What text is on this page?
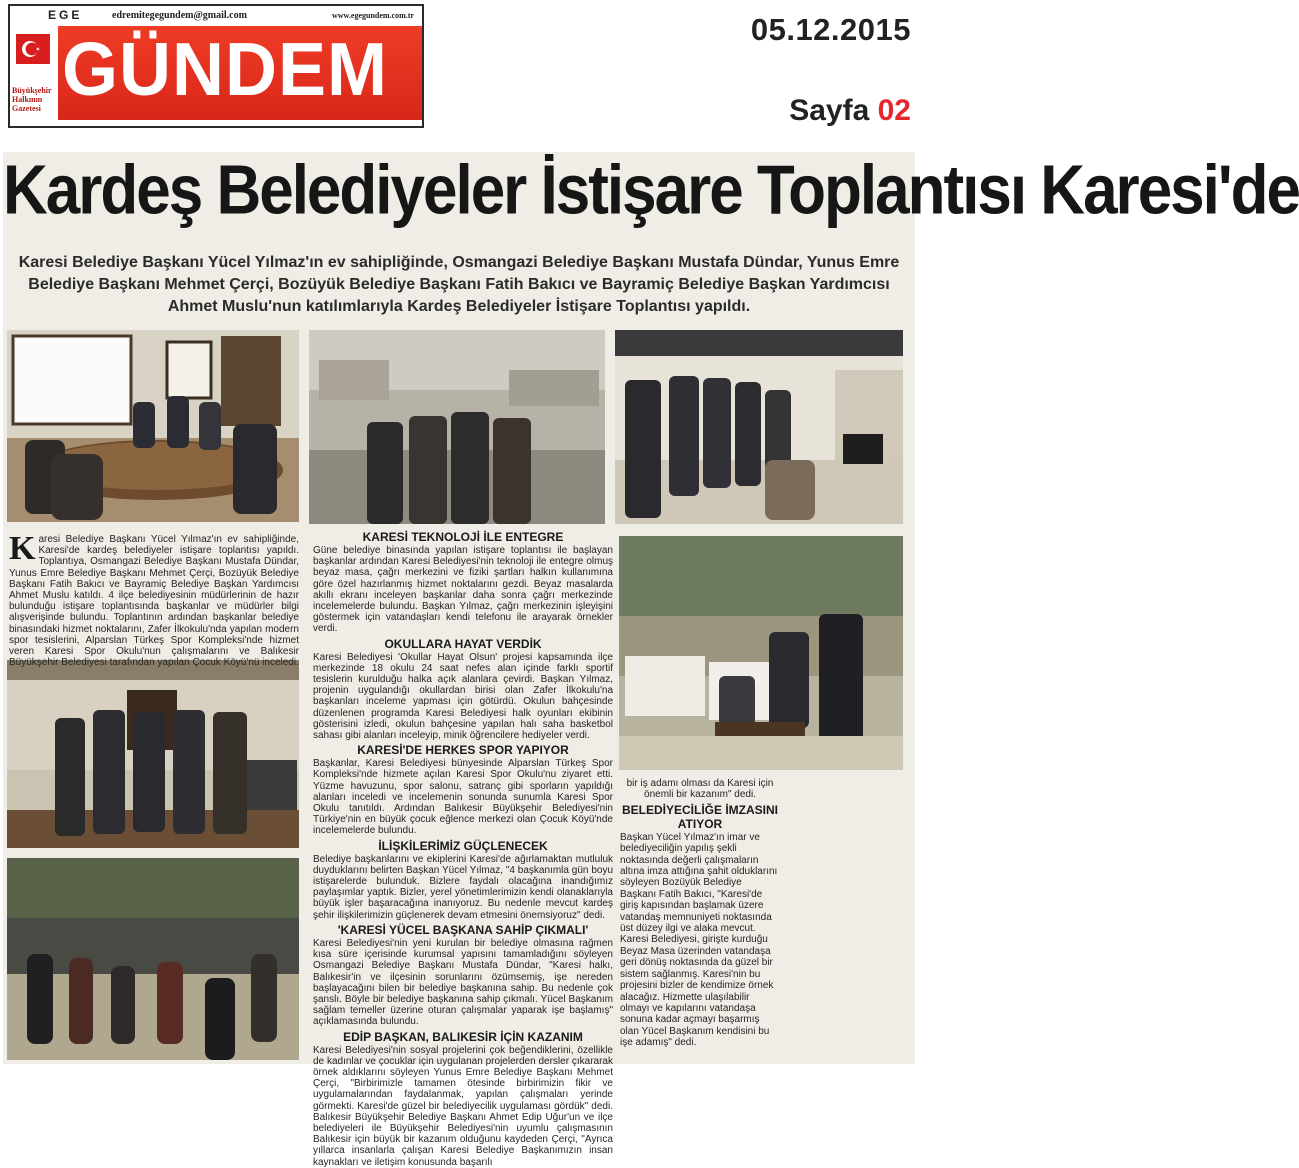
EGE	edremitegegundem@gmail.com	www.egegundem.com.tr
GÜNDEM
Büyükşehir Halkının Gazetesi
05.12.2015
Sayfa 02
Kardeş Belediyeler İstişare Toplantısı Karesi'de
Karesi Belediye Başkanı Yücel Yılmaz'ın ev sahipliğinde, Osmangazi Belediye Başkanı Mustafa Dündar, Yunus Emre Belediye Başkanı Mehmet Çerçi, Bozüyük Belediye Başkanı Fatih Bakıcı ve Bayramiç Belediye Başkan Yardımcısı Ahmet Muslu'nun katılımlarıyla Kardeş Belediyeler İstişare Toplantısı yapıldı.
K aresi Belediye Başkanı Yücel Yılmaz'ın ev sahipliğinde, Karesi'de kardeş belediyeler istişare toplantısı yapıldı. Toplantıya, Osmangazi Belediye Başkanı Mustafa Dündar, Yunus Emre Belediye Başkanı Mehmet Çerçi, Bozüyük Belediye Başkanı Fatih Bakıcı ve Bayramiç Belediye Başkan Yardımcısı Ahmet Muslu katıldı. 4 ilçe belediyesinin müdürlerinin de hazır bulunduğu istişare toplantısında başkanlar ve müdürler bilgi alışverişinde bulundu. Toplantının ardından başkanlar belediye binasındaki hizmet noktalarını, Zafer İlkokulu'nda yapılan modern spor tesislerini, Alparslan Türkeş Spor Kompleksi'nde hizmet veren Karesi Spor Okulu'nun çalışmalarını ve Balıkesir Büyükşehir Belediyesi tarafından yapılan Çocuk Köyü'nü inceledi.
KARESİ TEKNOLOJİ İLE ENTEGRE
Güne belediye binasında yapılan istişare toplantısı ile başlayan başkanlar ardından Karesi Belediyesi'nin teknoloji ile entegre olmuş beyaz masa, çağrı merkezini ve fiziki şartları halkın kullanımına göre özel hazırlanmış hizmet noktalarını gezdi. Beyaz masalarda akıllı ekranı inceleyen başkanlar daha sonra çağrı merkezinde incelemelerde bulundu. Başkan Yılmaz, çağrı merkezinin işleyişini göstermek için vatandaşları kendi telefonu ile arayarak örnekler verdi.
OKULLARA HAYAT VERDİK
Karesi Belediyesi 'Okullar Hayat Olsun' projesi kapsamında ilçe merkezinde 18 okulu 24 saat nefes alan içinde farklı sportif tesislerin kurulduğu halka açık alanlara çevirdi. Başkan Yılmaz, projenin uygulandığı okullardan birisi olan Zafer İlkokulu'na başkanları inceleme yapması için götürdü. Okulun bahçesinde düzenlenen programda Karesi Belediyesi halk oyunları ekibinin gösterisini izledi, okulun bahçesine yapılan halı saha basketbol sahası gibi alanları inceleyip, minik öğrencilere hediyeler verdi.
KARESİ'DE HERKES SPOR YAPIYOR
Başkanlar, Karesi Belediyesi bünyesinde Alparslan Türkeş Spor Kompleksi'nde hizmete açılan Karesi Spor Okulu'nu ziyaret etti. Yüzme havuzunu, spor salonu, satranç gibi sporların yapıldığı alanları inceledi ve incelemenin sonunda sunumla Karesi Spor Okulu tanıtıldı. Ardından Balıkesir Büyükşehir Belediyesi'nin Türkiye'nin en büyük çocuk eğlence merkezi olan Çocuk Köyü'nde incelemelerde bulundu.
İLİŞKİLERİMİZ GÜÇLENECEK
Belediye başkanlarını ve ekiplerini Karesi'de ağırlamaktan mutluluk duyduklarını belirten Başkan Yücel Yılmaz, "4 başkanımla gün boyu istişarelerde bulunduk. Bizlere faydalı olacağına inandığımız paylaşımlar yaptık. Bizler, yerel yönetimlerimizin kendi olanaklarıyla büyük işler başaracağına inanıyoruz. Bu nedenle mevcut kardeş şehir ilişkilerimizin güçlenerek devam etmesini önemsiyoruz" dedi.
'KARESİ YÜCEL BAŞKANA SAHİP ÇIKMALI'
Karesi Belediyesi'nin yeni kurulan bir belediye olmasına rağmen kısa süre içerisinde kurumsal yapısını tamamladığını söyleyen Osmangazi Belediye Başkanı Mustafa Dündar, "Karesi halkı, Balıkesir'in ve ilçesinin sorunlarını özümsemiş, işe nereden başlayacağını bilen bir belediye başkanına sahip. Bu nedenle çok şanslı. Böyle bir belediye başkanına sahip çıkmalı. Yücel Başkanım sağlam temeller üzerine oturan çalışmalar yaparak işe başlamış" açıklamasında bulundu.
EDİP BAŞKAN, BALIKESİR İÇİN KAZANIM
Karesi Belediyesi'nin sosyal projelerini çok beğendiklerini, özellikle de kadınlar ve çocuklar için uygulanan projelerden dersler çıkararak örnek aldıklarını söyleyen Yunus Emre Belediye Başkanı Mehmet Çerçi, "Birbirimizle tamamen ötesinde birbirimizin fikir ve uygulamalarından faydalanmak, yapılan çalışmaları yerinde görmekti. Karesi'de güzel bir belediyecilik uygulaması gördük" dedi. Balıkesir Büyükşehir Belediye Başkanı Ahmet Edip Uğur'un ve ilçe belediyeleri ile Büyükşehir Belediyesi'nin uyumlu çalışmasının Balıkesir için büyük bir kazanım olduğunu kaydeden Çerçi, "Ayrıca yıllarca insanlarla çalışan Karesi Belediye Başkanımızın insan kaynakları ve iletişim konusunda başarılı
bir iş adamı olması da Karesi için önemli bir kazanım" dedi.
BELEDİYECİLİĞE İMZASINI ATIYOR
Başkan Yücel Yılmaz'ın imar ve belediyeciliğin yapılış şekli noktasında değerli çalışmaların altına imza attığına şahit olduklarını söyleyen Bozüyük Belediye Başkanı Fatih Bakıcı, "Karesi'de giriş kapısından başlamak üzere vatandaş memnuniyeti noktasında üst düzey ilgi ve alaka mevcut. Karesi Belediyesi, girişte kurduğu Beyaz Masa üzerinden vatandaşa geri dönüş noktasında da güzel bir sistem sağlanmış. Karesi'nin bu projesini bizler de kendimize örnek alacağız. Hizmette ulaşılabilir olmayı ve kapılarını vatandaşa sonuna kadar açmayı başarmış olan Yücel Başkanım kendisini bu işe adamış" dedi.
